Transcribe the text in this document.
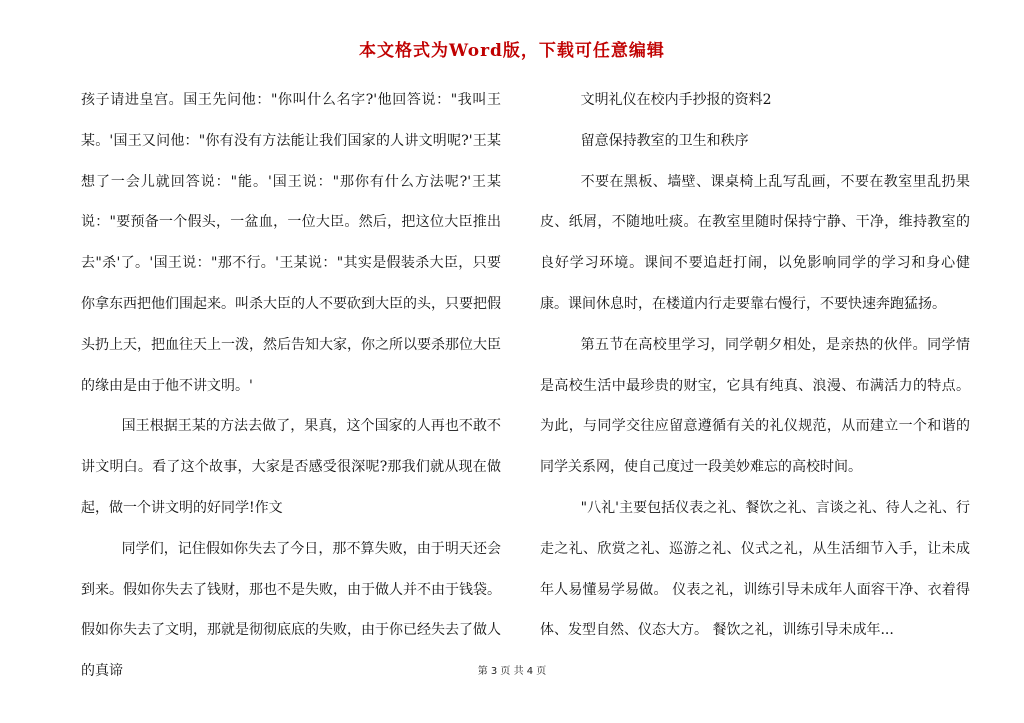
本文格式为Word版，下载可任意编辑

孩子请进皇宫。国王先问他："你叫什么名字?'他回答说："我叫王某。'国王又问他："你有没有方法能让我们国家的人讲文明呢?'王某想了一会儿就回答说："能。'国王说："那你有什么方法呢?'王某说："要预备一个假头，一盆血，一位大臣。然后，把这位大臣推出去"杀'了。'国王说："那不行。'王某说："其实是假装杀大臣，只要你拿东西把他们围起来。叫杀大臣的人不要砍到大臣的头，只要把假头扔上天，把血往天上一泼，然后告知大家，你之所以要杀那位大臣的缘由是由于他不讲文明。'

国王根据王某的方法去做了，果真，这个国家的人再也不敢不讲文明白。看了这个故事，大家是否感受很深呢?那我们就从现在做起，做一个讲文明的好同学!作文

同学们，记住假如你失去了今日，那不算失败，由于明天还会到来。假如你失去了钱财，那也不是失败，由于做人并不由于钱袋。假如你失去了文明，那就是彻彻底底的失败，由于你已经失去了做人的真谛

文明礼仪在校内手抄报的资料2

留意保持教室的卫生和秩序

不要在黑板、墙壁、课桌椅上乱写乱画，不要在教室里乱扔果皮、纸屑，不随地吐痰。在教室里随时保持宁静、干净，维持教室的良好学习环境。课间不要追赶打闹，以免影响同学的学习和身心健康。课间休息时，在楼道内行走要靠右慢行，不要快速奔跑猛扬。

第五节在高校里学习，同学朝夕相处，是亲热的伙伴。同学情是高校生活中最珍贵的财宝，它具有纯真、浪漫、布满活力的特点。为此，与同学交往应留意遵循有关的礼仪规范，从而建立一个和谐的同学关系网，使自己度过一段美妙难忘的高校时间。

"八礼'主要包括仪表之礼、餐饮之礼、言谈之礼、待人之礼、行走之礼、欣赏之礼、巡游之礼、仪式之礼，从生活细节入手，让未成年人易懂易学易做。 仪表之礼，训练引导未成年人面容干净、衣着得体、发型自然、仪态大方。 餐饮之礼，训练引导未成年...

第 3 页 共 4 页
